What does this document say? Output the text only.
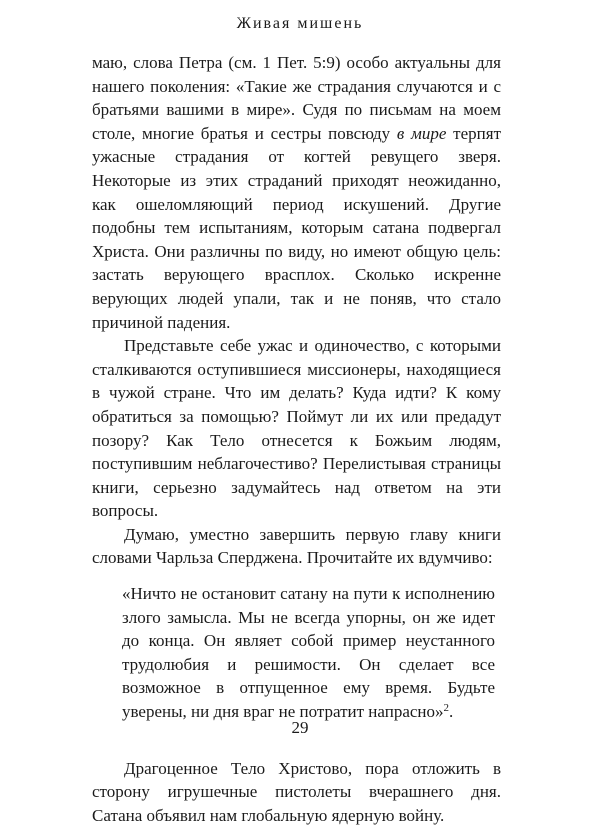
Живая мишень

маю, слова Петра (см. 1 Пет. 5:9) особо актуальны для нашего поколения: «Такие же страдания случаются и с братьями вашими в мире». Судя по письмам на моем столе, многие братья и сестры повсюду в мире терпят ужасные страдания от когтей ревущего зверя. Некоторые из этих страданий приходят неожиданно, как ошеломляющий период искушений. Другие подобны тем испытаниям, которым сатана подвергал Христа. Они различны по виду, но имеют общую цель: застать верующего врасплох. Сколько искренне верующих людей упали, так и не поняв, что стало причиной падения.

Представьте себе ужас и одиночество, с которыми сталкиваются оступившиеся миссионеры, находящиеся в чужой стране. Что им делать? Куда идти? К кому обратиться за помощью? Поймут ли их или предадут позору? Как Тело отнесется к Божьим людям, поступившим неблагочестиво? Перелистывая страницы книги, серьезно задумайтесь над ответом на эти вопросы.

Думаю, уместно завершить первую главу книги словами Чарльза Сперджена. Прочитайте их вдумчиво:

«Ничто не остановит сатану на пути к исполнению злого замысла. Мы не всегда упорны, он же идет до конца. Он являет собой пример неустанного трудолюбия и решимости. Он сделает все возможное в отпущенное ему время. Будьте уверены, ни дня враг не потратит напрасно»$^2$.

Драгоценное Тело Христово, пора отложить в сторону игрушечные пистолеты вчерашнего дня. Сатана объявил нам глобальную ядерную войну.

29
